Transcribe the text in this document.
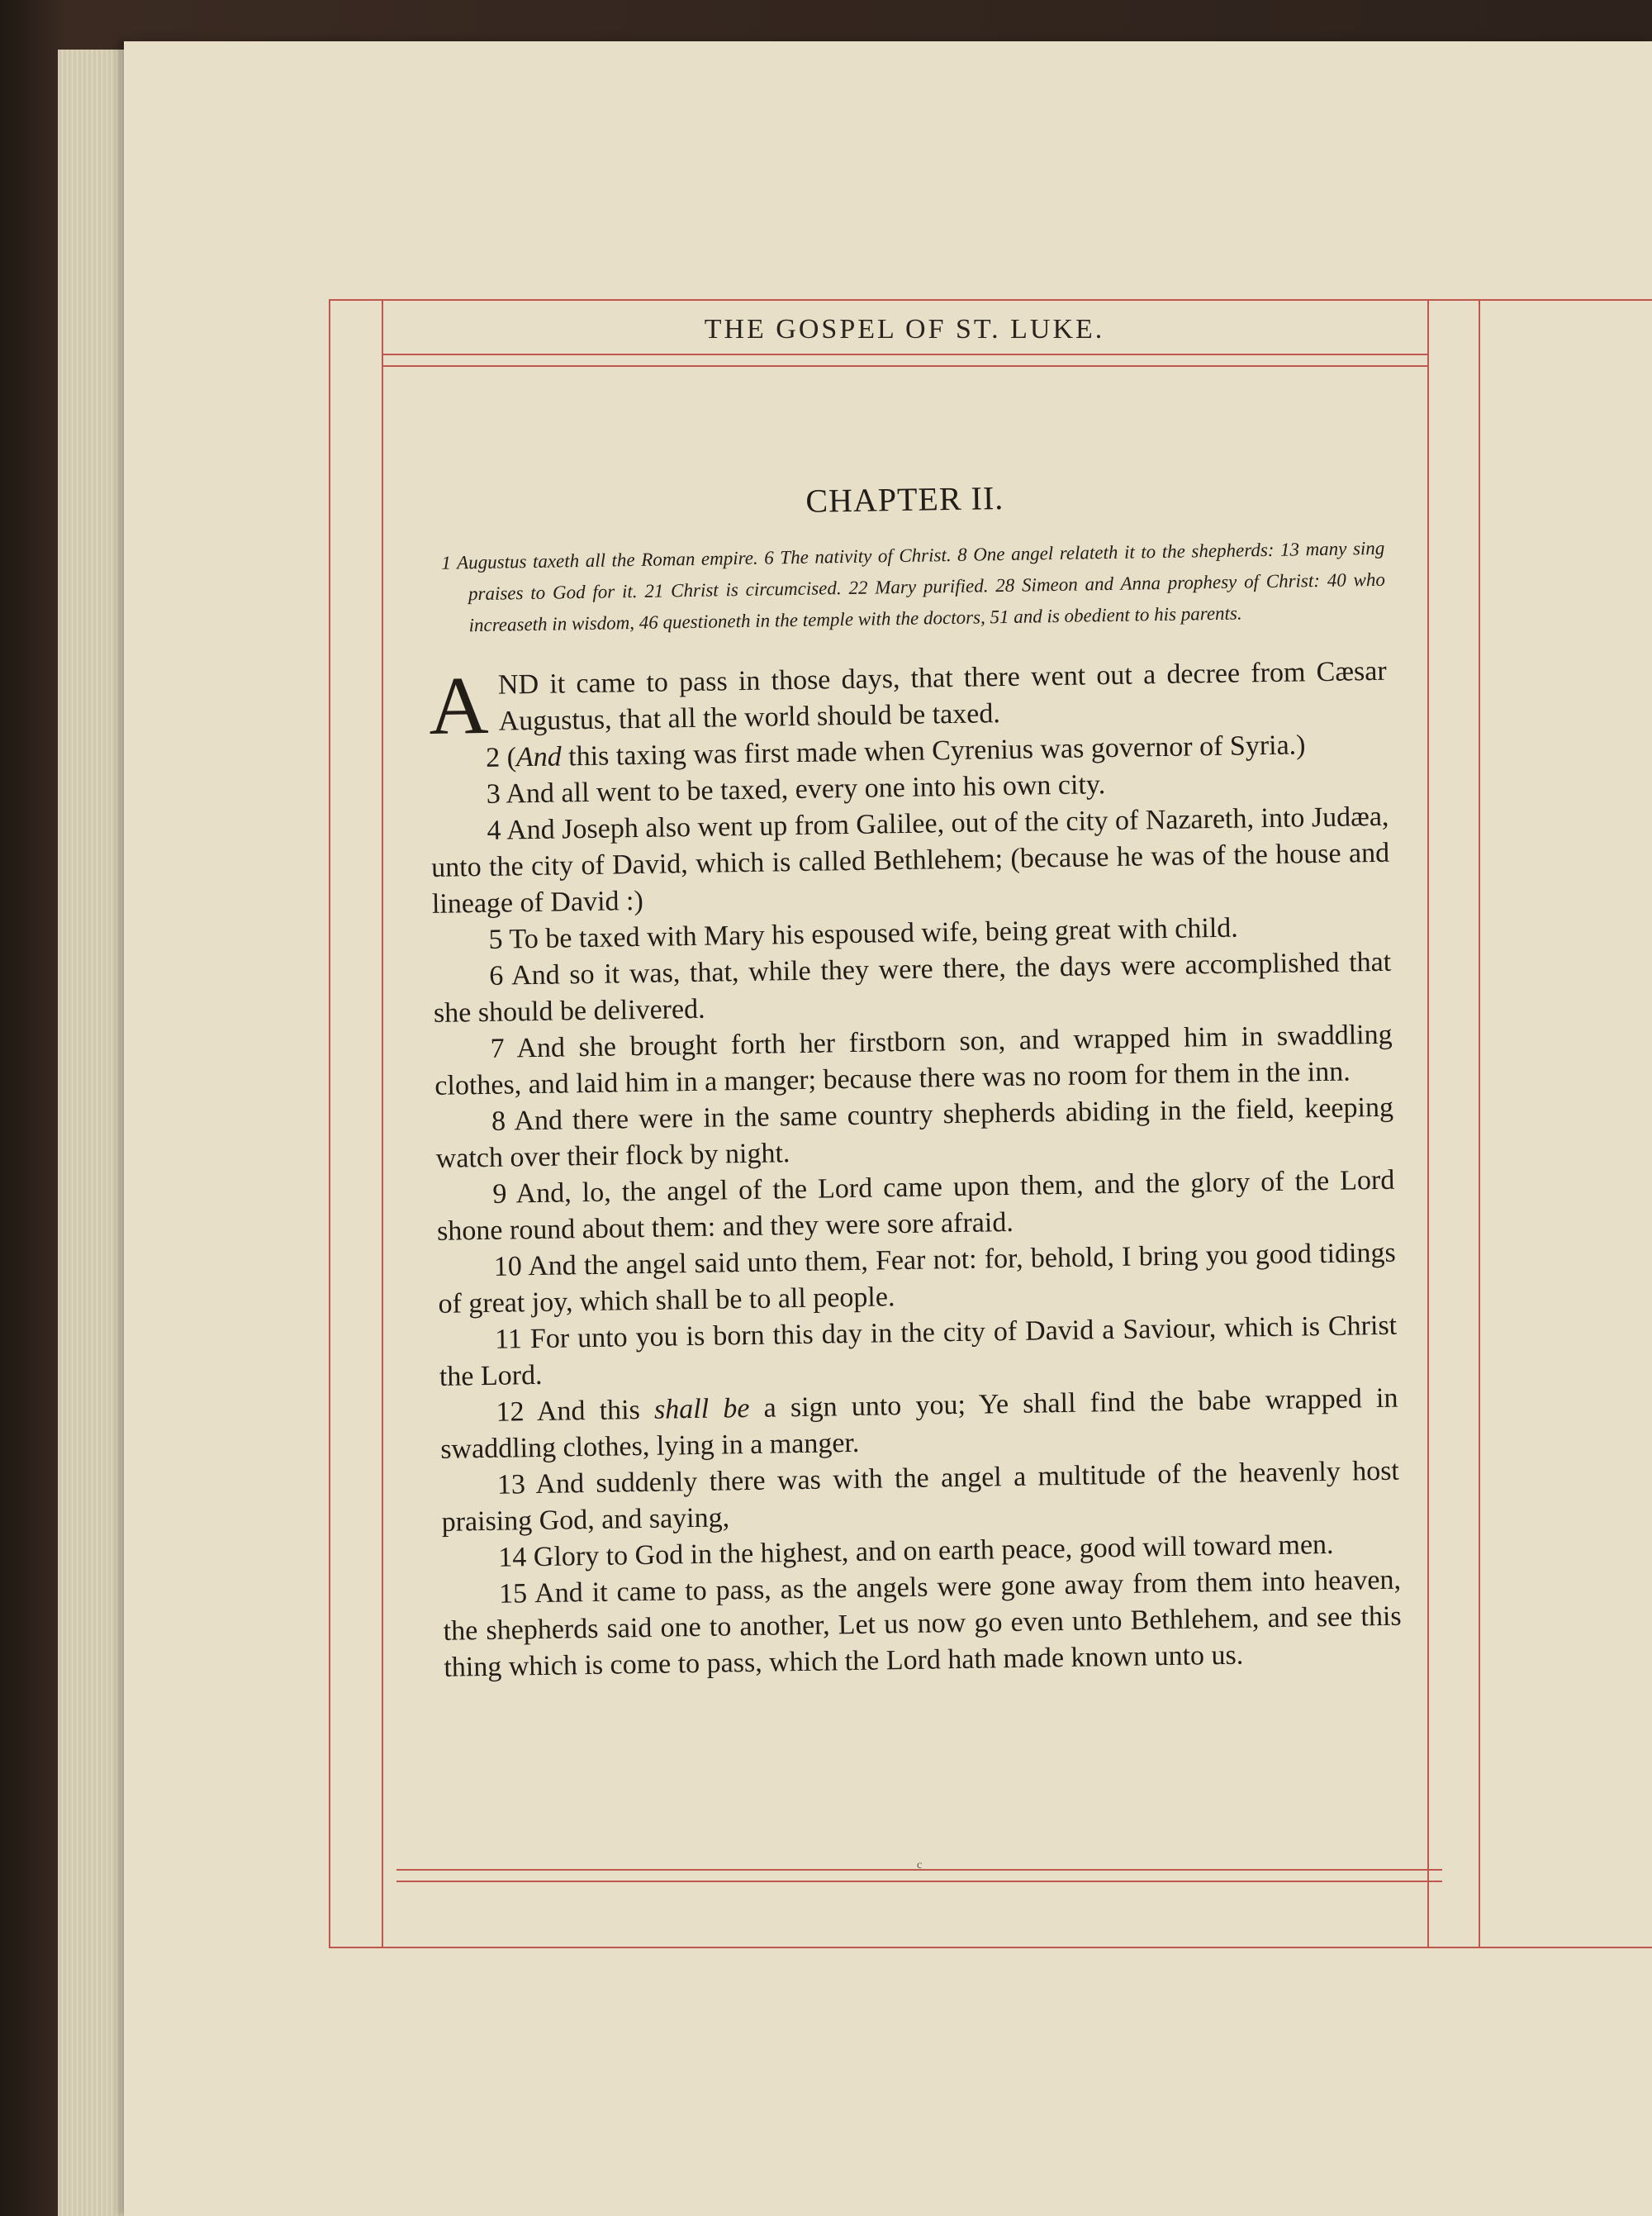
THE GOSPEL OF ST. LUKE.
CHAPTER II.

1 Augustus taxeth all the Roman empire. 6 The nativity of Christ. 8 One angel relateth it to the shepherds: 13 many sing praises to God for it. 21 Christ is circumcised. 22 Mary purified. 28 Simeon and Anna prophesy of Christ: 40 who increaseth in wisdom, 46 questioneth in the temple with the doctors, 51 and is obedient to his parents.

AND it came to pass in those days, that there went out a decree from Cæsar Augustus, that all the world should be taxed.

2 (And this taxing was first made when Cyrenius was governor of Syria.)

3 And all went to be taxed, every one into his own city.

4 And Joseph also went up from Galilee, out of the city of Nazareth, into Judæa, unto the city of David, which is called Bethlehem; (because he was of the house and lineage of David :)

5 To be taxed with Mary his espoused wife, being great with child.

6 And so it was, that, while they were there, the days were accomplished that she should be delivered.

7 And she brought forth her firstborn son, and wrapped him in swaddling clothes, and laid him in a manger; because there was no room for them in the inn.

8 And there were in the same country shepherds abiding in the field, keeping watch over their flock by night.

9 And, lo, the angel of the Lord came upon them, and the glory of the Lord shone round about them: and they were sore afraid.

10 And the angel said unto them, Fear not: for, behold, I bring you good tidings of great joy, which shall be to all people.

11 For unto you is born this day in the city of David a Saviour, which is Christ the Lord.

12 And this shall be a sign unto you; Ye shall find the babe wrapped in swaddling clothes, lying in a manger.

13 And suddenly there was with the angel a multitude of the heavenly host praising God, and saying,

14 Glory to God in the highest, and on earth peace, good will toward men.

15 And it came to pass, as the angels were gone away from them into heaven, the shepherds said one to another, Let us now go even unto Bethlehem, and see this thing which is come to pass, which the Lord hath made known unto us.

c
